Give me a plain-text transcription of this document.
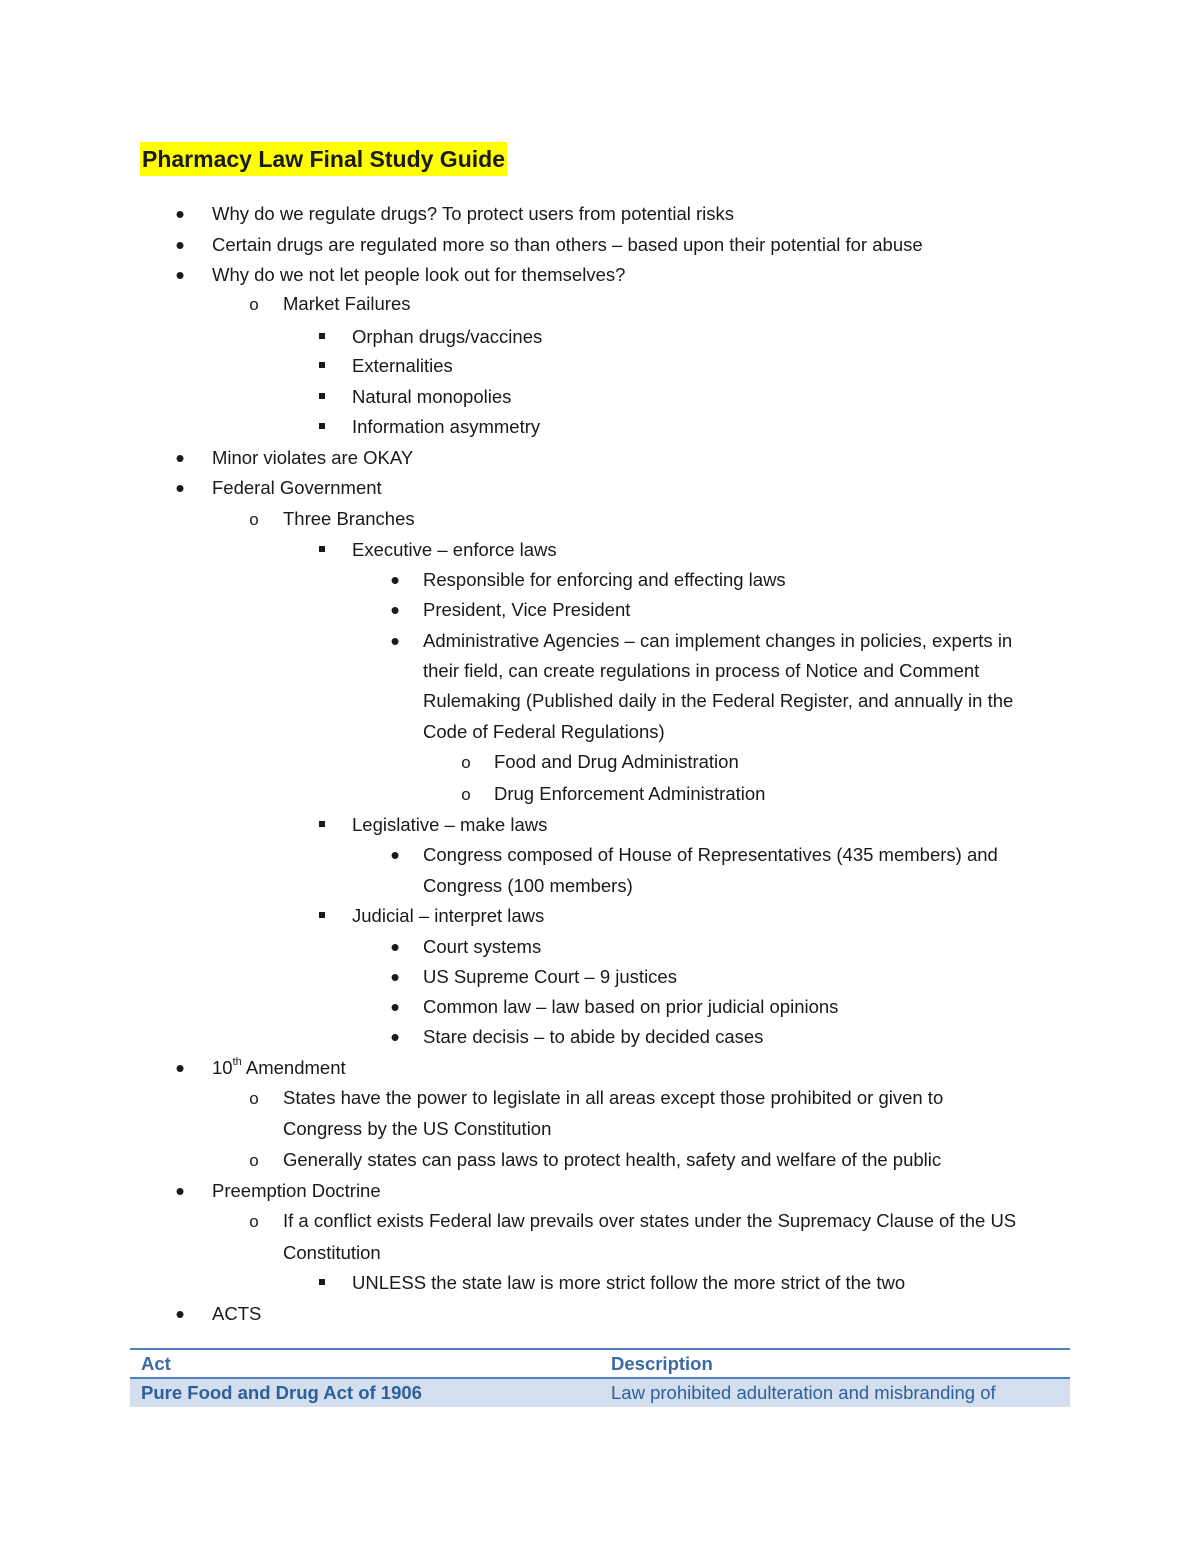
Pharmacy Law Final Study Guide
•
Why do we regulate drugs? To protect users from potential risks
•
Certain drugs are regulated more so than others – based upon their potential for abuse
•
Why do we not let people look out for themselves?
o
Market Failures
Orphan drugs/vaccines
Externalities
Natural monopolies
Information asymmetry
•
Minor violates are OKAY
•
Federal Government
o
Three Branches
Executive – enforce laws
•
Responsible for enforcing and effecting laws
•
President, Vice President
•
Administrative Agencies – can implement changes in policies, experts in
their field, can create regulations in process of Notice and Comment
Rulemaking (Published daily in the Federal Register, and annually in the
Code of Federal Regulations)
o
Food and Drug Administration
o
Drug Enforcement Administration
Legislative – make laws
•
Congress composed of House of Representatives (435 members) and
Congress (100 members)
Judicial – interpret laws
•
Court systems
•
US Supreme Court – 9 justices
•
Common law – law based on prior judicial opinions
•
Stare decisis – to abide by decided cases
•
10th Amendment
o
States have the power to legislate in all areas except those prohibited or given to
Congress by the US Constitution
o
Generally states can pass laws to protect health, safety and welfare of the public
•
Preemption Doctrine
o
If a conflict exists Federal law prevails over states under the Supremacy Clause of the US
Constitution
UNLESS the state law is more strict follow the more strict of the two
•
ACTS
Act	Description
Pure Food and Drug Act of 1906	Law prohibited adulteration and misbranding of
